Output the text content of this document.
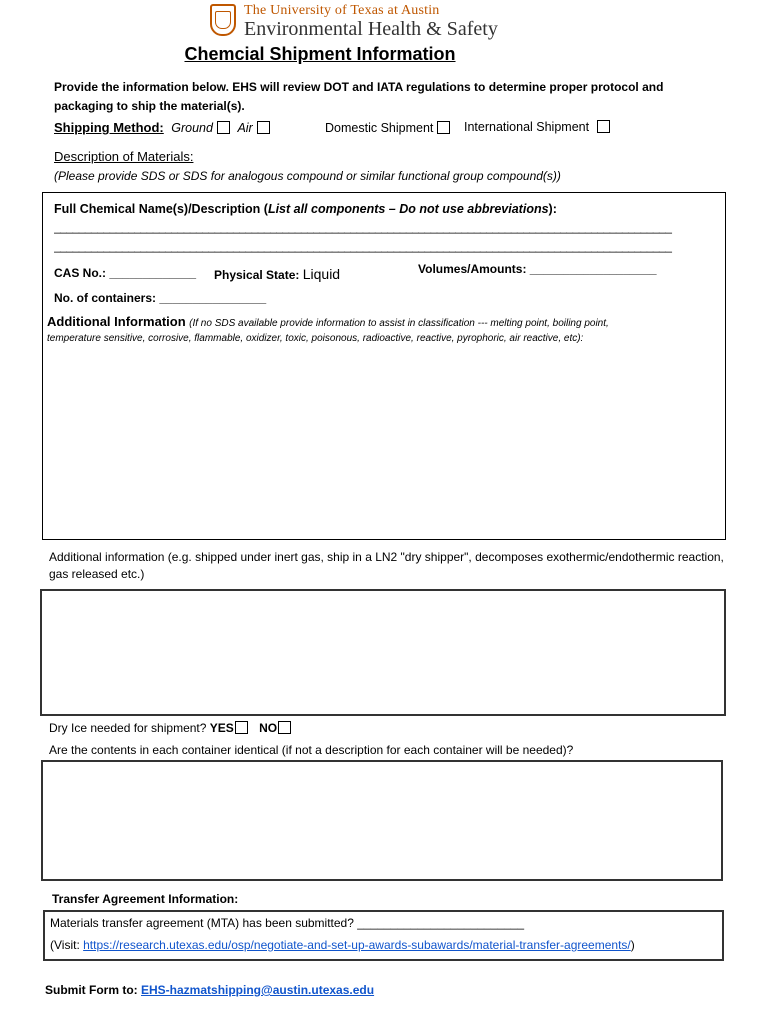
The University of Texas at Austin
Environmental Health & Safety
Chemcial Shipment Information
Provide the information below. EHS will review DOT and IATA regulations to determine proper protocol and packaging to ship the material(s).
Shipping Method: Ground Air	Domestic Shipment	International Shipment
Description of Materials:
(Please provide SDS or SDS for analogous compound or similar functional group compound(s))
Full Chemical Name(s)/Description (List all components – Do not use abbreviations):
____________________________________________________________________________________________________
____________________________________________________________________________________________________
CAS No.: _____________ Physical State: Liquid	Volumes/Amounts: ___________________
No. of containers: ________________
Additional Information (If no SDS available provide information to assist in classification --- melting point, boiling point,
temperature sensitive, corrosive, flammable, oxidizer, toxic, poisonous, radioactive, reactive, pyrophoric, air reactive, etc):
Additional information (e.g. shipped under inert gas, ship in a LN2 "dry shipper", decomposes exothermic/endothermic reaction, gas released etc.)
Dry Ice needed for shipment? YES NO
Are the contents in each container identical (if not a description for each container will be needed)?
Transfer Agreement Information:
Materials transfer agreement (MTA) has been submitted? _________________________
(Visit: https://research.utexas.edu/osp/negotiate-and-set-up-awards-subawards/material-transfer-agreements/)
Submit Form to: EHS-hazmatshipping@austin.utexas.edu
